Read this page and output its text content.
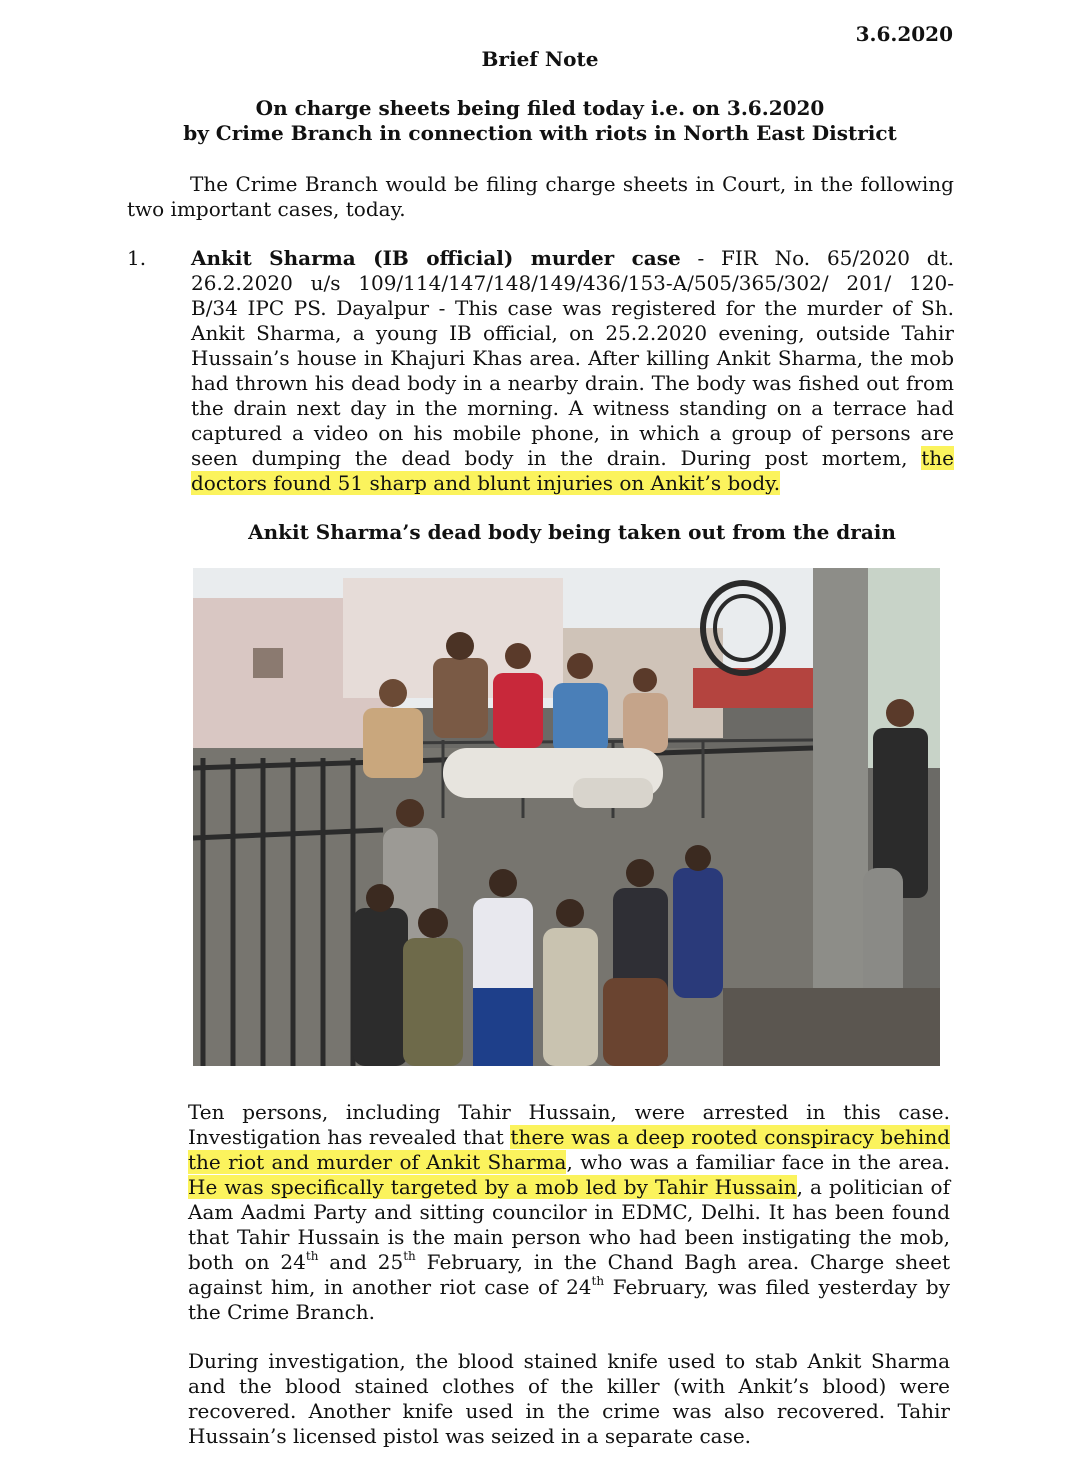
3.6.2020
Brief Note
On charge sheets being filed today i.e. on 3.6.2020
by Crime Branch in connection with riots in North East District

The Crime Branch would be filing charge sheets in Court, in the following two important cases, today.

1. Ankit Sharma (IB official) murder case - FIR No. 65/2020 dt. 26.2.2020 u/s 109/114/147/148/149/436/153-A/505/365/302/ 201/ 120-B/34 IPC PS. Dayalpur - This case was registered for the murder of Sh. Ankit Sharma, a young IB official, on 25.2.2020 evening, outside Tahir Hussain’s house in Khajuri Khas area. After killing Ankit Sharma, the mob had thrown his dead body in a nearby drain. The body was fished out from the drain next day in the morning. A witness standing on a terrace had captured a video on his mobile phone, in which a group of persons are seen dumping the dead body in the drain. During post mortem, the doctors found 51 sharp and blunt injuries on Ankit’s body.

Ankit Sharma’s dead body being taken out from the drain

Ten persons, including Tahir Hussain, were arrested in this case. Investigation has revealed that there was a deep rooted conspiracy behind the riot and murder of Ankit Sharma, who was a familiar face in the area. He was specifically targeted by a mob led by Tahir Hussain, a politician of Aam Aadmi Party and sitting councilor in EDMC, Delhi. It has been found that Tahir Hussain is the main person who had been instigating the mob, both on 24th and 25th February, in the Chand Bagh area. Charge sheet against him, in another riot case of 24th February, was filed yesterday by the Crime Branch.

During investigation, the blood stained knife used to stab Ankit Sharma and the blood stained clothes of the killer (with Ankit’s blood) were recovered. Another knife used in the crime was also recovered. Tahir Hussain’s licensed pistol was seized in a separate case.
